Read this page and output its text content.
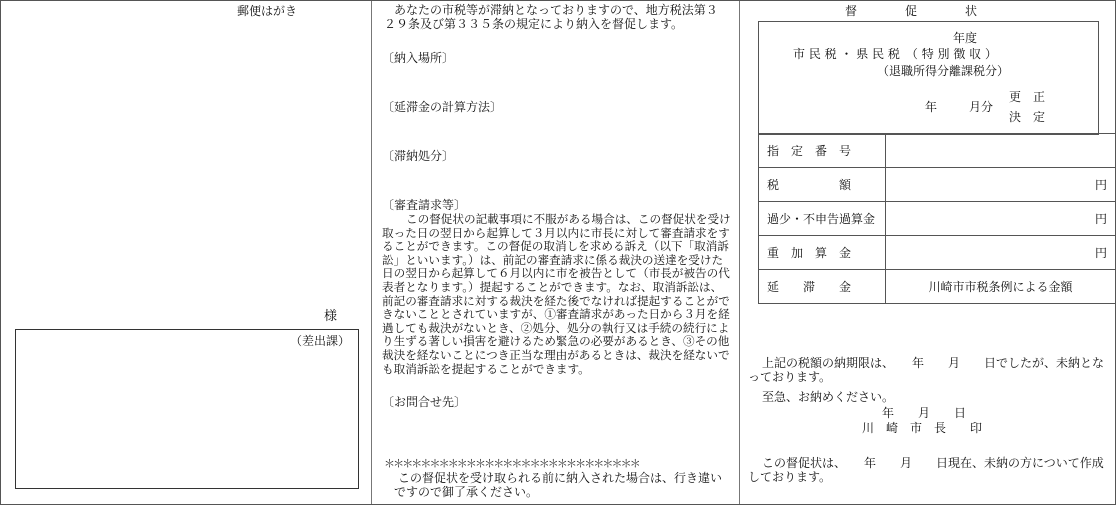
郵便はがき
様
（差出課）
あなたの市税等が滞納となっておりますので、地方税法第３２９条及び第３３５条の規定により納入を督促します。
〔納入場所〕
〔延滞金の計算方法〕
〔滞納処分〕
〔審査請求等〕
この督促状の記載事項に不服がある場合は、この督促状を受け取った日の翌日から起算して３月以内に市長に対して審査請求をすることができます。この督促の取消しを求める訴え（以下「取消訴訟」といいます。）は、前記の審査請求に係る裁決の送達を受けた日の翌日から起算して６月以内に市を被告として（市長が被告の代表者となります。）提起することができます。なお、取消訴訟は、前記の審査請求に対する裁決を経た後でなければ提起することができないこととされていますが、①審査請求があった日から３月を経過しても裁決がないとき、②処分、処分の執行又は手続の続行により生ずる著しい損害を避けるため緊急の必要があるとき、③その他裁決を経ないことにつき正当な理由があるときは、裁決を経ないでも取消訴訟を提起することができます。
〔お問合せ先〕
＊＊＊＊＊＊＊＊＊＊＊＊＊＊＊＊＊＊＊＊＊＊＊＊＊＊＊＊
この督促状を受け取られる前に納入された場合は、行き違いですので御了承ください。
督　　　　促　　　　状
年度
市 民 税 ・ 県 民 税　（ 特 別 徴 収 ）
（退職所得分離課税分）
年	月分
更　正
決　定
指　定　番　号	
税　　　　　額	円
過少・不申告過算金	円
重　加　算　金	円
延　　滞　　金	川崎市市税条例による金額
上記の税額の納期限は、　　年　　月　　日でしたが、未納となっております。
至急、お納めください。
年　　月　　日
川　崎　市　長　　印
この督促状は、　　年　　月　　日現在、未納の方について作成しております。
